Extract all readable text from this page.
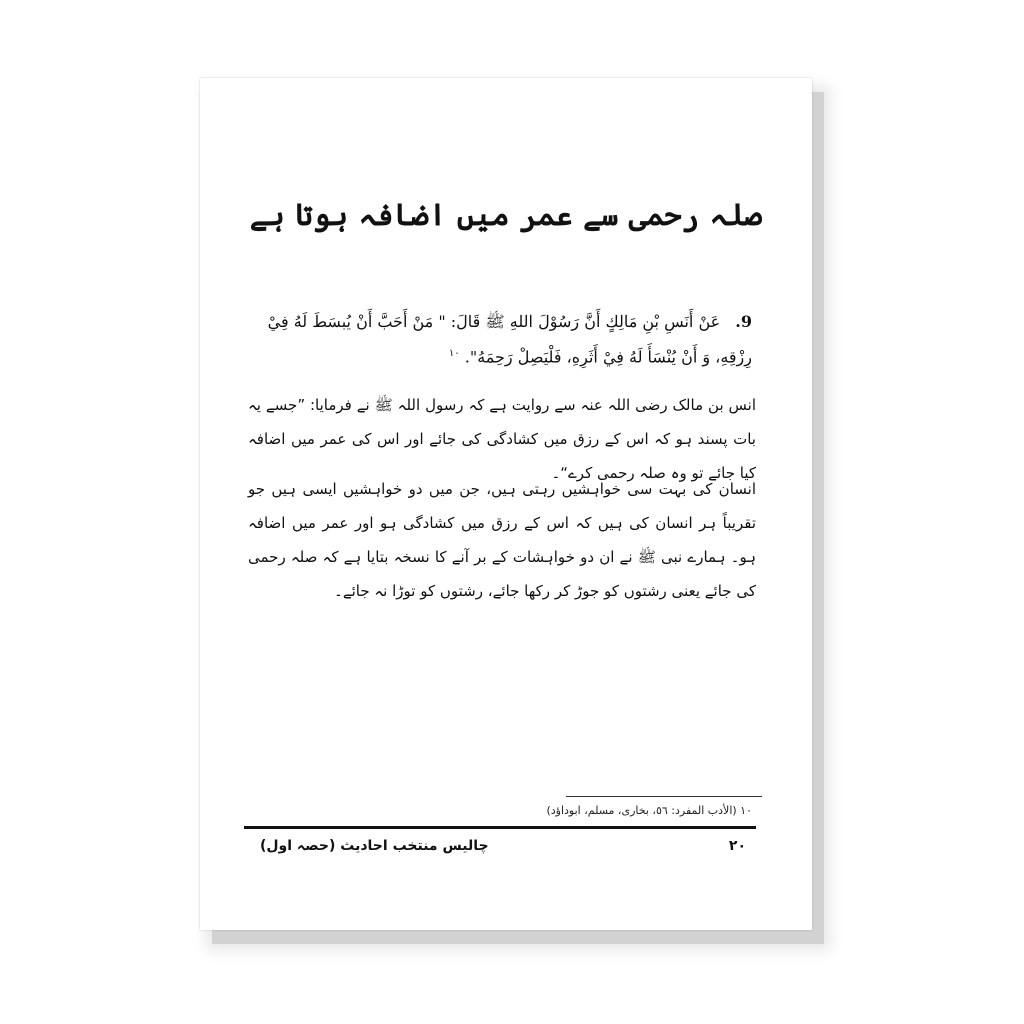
صلہ رحمی سے عمر میں اضافہ ہوتا ہے
9. عَنْ أَنَسِ بْنِ مَالِكٍ أَنَّ رَسُوْلَ اللهِ ﷺ قَالَ: " مَنْ أَحَبَّ أَنْ يُبسَطَ لَهُ فِيْ رِزْقِهِ، وَ أَنْ يُنْسَأَ لَهُ فِيْ أَثَرِهِ، فَلْيَصِلْ رَحِمَهُ". $^{١٠}$

انس بن مالک رضی اللہ عنہ سے روایت ہے کہ رسول اللہ ﷺ نے فرمایا: ”جسے یہ بات پسند ہو کہ اس کے رزق میں کشادگی کی جائے اور اس کی عمر میں اضافہ کیا جائے تو وہ صلہ رحمی کرے“۔

انسان کی بہت سی خواہشیں رہتی ہیں، جن میں دو خواہشیں ایسی ہیں جو تقریباً ہر انسان کی ہیں کہ اس کے رزق میں کشادگی ہو اور عمر میں اضافہ ہو۔ ہمارے نبی ﷺ نے ان دو خواہشات کے بر آنے کا نسخہ بتایا ہے کہ صلہ رحمی کی جائے یعنی رشتوں کو جوڑ کر رکھا جائے، رشتوں کو توڑا نہ جائے۔

١٠ (الأدب المفرد: ٥٦، بخاری، مسلم، ابوداؤد)
چالیس منتخب احادیث (حصہ اول)	٢٠
